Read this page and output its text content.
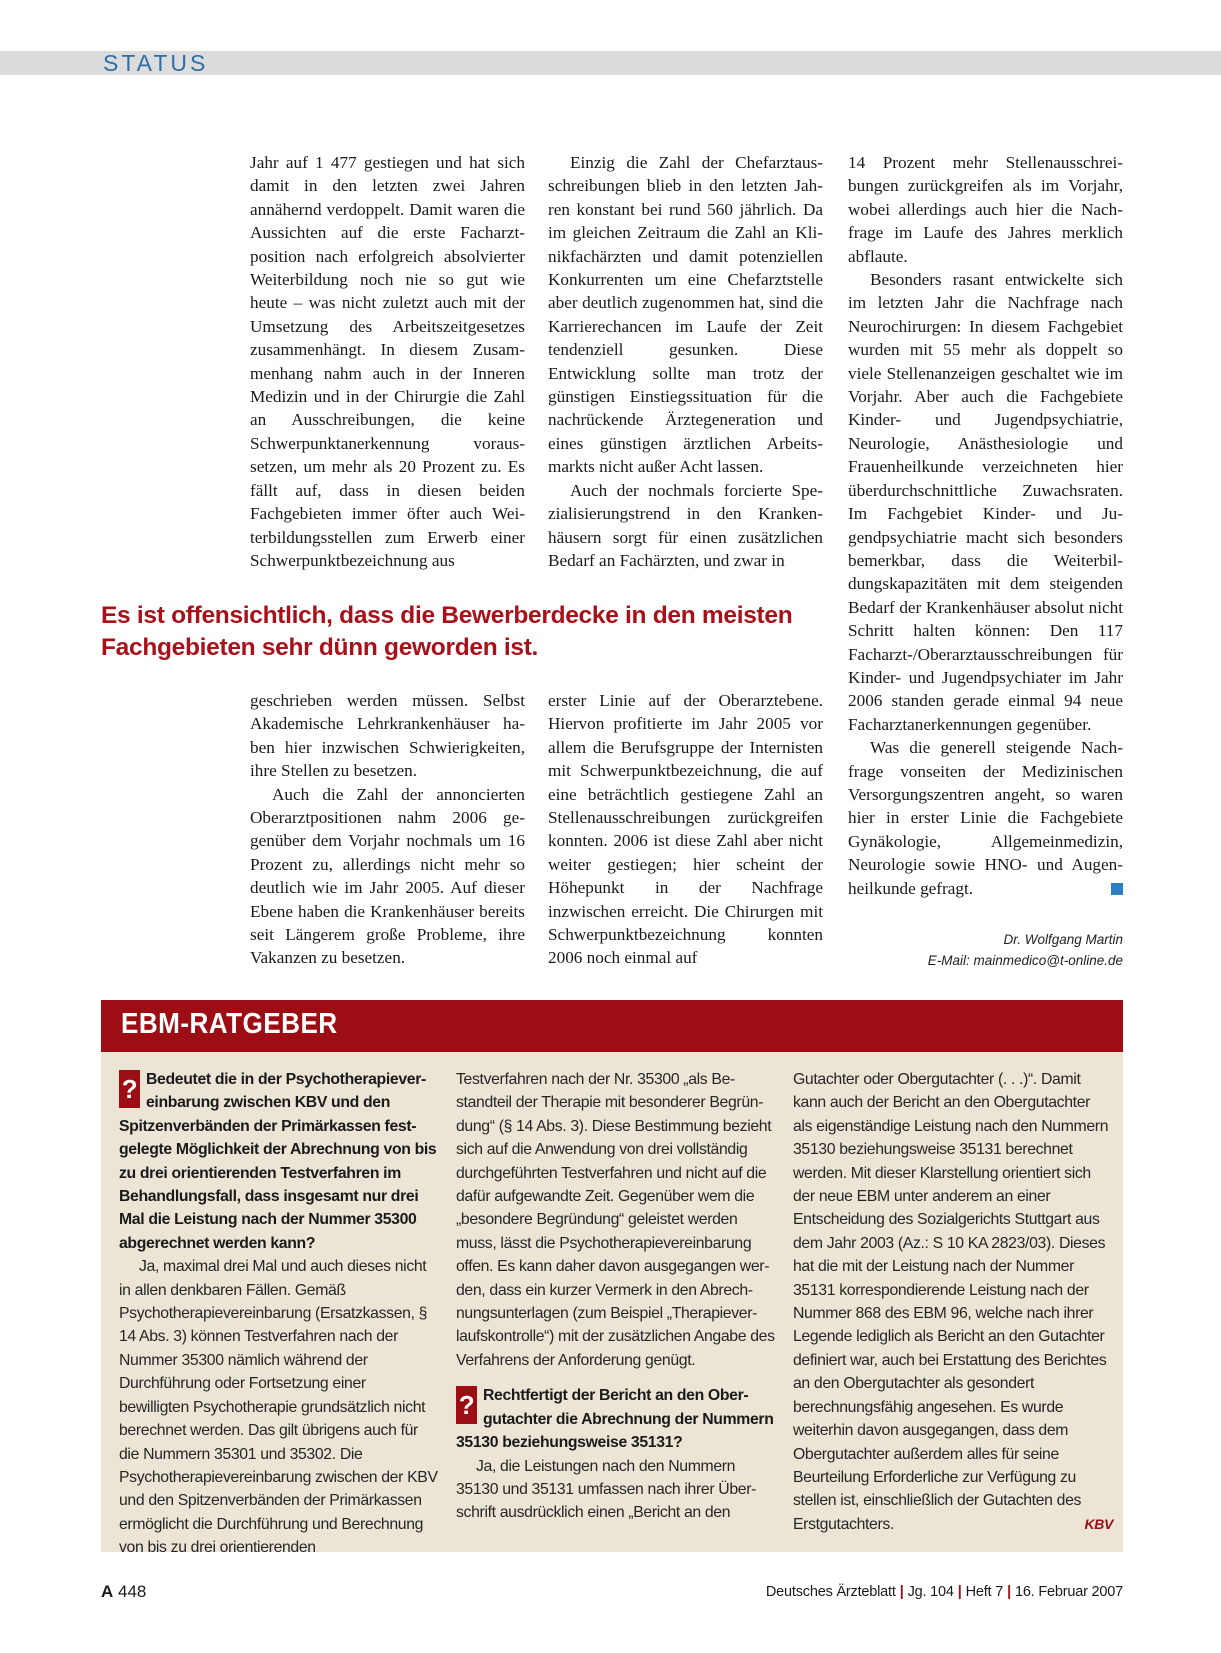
STATUS

Jahr auf 1 477 gestiegen und hat sich damit in den letzten zwei Jahren annähernd verdoppelt. Damit waren die Aussichten auf die erste Facharztposition nach erfolgreich absolvierter Weiterbildung noch nie so gut wie heute – was nicht zuletzt auch mit der Umsetzung des Arbeitszeitgesetzes zusammenhängt. In diesem Zusammenhang nahm auch in der Inneren Medizin und in der Chirurgie die Zahl an Ausschreibungen, die keine Schwerpunktanerkennung voraussetzen, um mehr als 20 Prozent zu. Es fällt auf, dass in diesen beiden Fachgebieten immer öfter auch Weiterbildungsstellen zum Erwerb einer Schwerpunktbezeichnung aus

Einzig die Zahl der Chefarztausschreibungen blieb in den letzten Jahren konstant bei rund 560 jährlich. Da im gleichen Zeitraum die Zahl an Klinikfachärzten und damit potenziellen Konkurrenten um eine Chefarztstelle aber deutlich zugenommen hat, sind die Karrierechancen im Laufe der Zeit tendenziell gesunken. Diese Entwicklung sollte man trotz der günstigen Einstiegssituation für die nachrückende Ärztegeneration und eines günstigen ärztlichen Arbeitsmarkts nicht außer Acht lassen.

Auch der nochmals forcierte Spezialisierungstrend in den Krankenhäusern sorgt für einen zusätzlichen Bedarf an Fachärzten, und zwar in

14 Prozent mehr Stellenausschreibungen zurückgreifen als im Vorjahr, wobei allerdings auch hier die Nachfrage im Laufe des Jahres merklich abflaute.

Besonders rasant entwickelte sich im letzten Jahr die Nachfrage nach Neurochirurgen: In diesem Fachgebiet wurden mit 55 mehr als doppelt so viele Stellenanzeigen geschaltet wie im Vorjahr. Aber auch die Fachgebiete Kinder- und Jugendpsychiatrie, Neurologie, Anästhesiologie und Frauenheilkunde verzeichneten hier überdurchschnittliche Zuwachsraten. Im Fachgebiet Kinder- und Jugendpsychiatrie macht sich besonders bemerkbar, dass die Weiterbildungskapazitäten mit dem steigenden Bedarf der Krankenhäuser absolut nicht Schritt halten können: Den 117 Facharzt-/Oberarztausschreibungen für Kinder- und Jugendpsychiater im Jahr 2006 standen gerade einmal 94 neue Facharztanerkennungen gegenüber.

Was die generell steigende Nachfrage vonseiten der Medizinischen Versorgungszentren angeht, so waren hier in erster Linie die Fachgebiete Gynäkologie, Allgemeinmedizin, Neurologie sowie HNO- und Augenheilkunde gefragt.

Es ist offensichtlich, dass die Bewerberdecke in den meisten Fachgebieten sehr dünn geworden ist.

geschrieben werden müssen. Selbst Akademische Lehrkrankenhäuser haben hier inzwischen Schwierigkeiten, ihre Stellen zu besetzen.

Auch die Zahl der annoncierten Oberarztpositionen nahm 2006 gegenüber dem Vorjahr nochmals um 16 Prozent zu, allerdings nicht mehr so deutlich wie im Jahr 2005. Auf dieser Ebene haben die Krankenhäuser bereits seit Längerem große Probleme, ihre Vakanzen zu besetzen.

erster Linie auf der Oberarztebene. Hiervon profitierte im Jahr 2005 vor allem die Berufsgruppe der Internisten mit Schwerpunktbezeichnung, die auf eine beträchtlich gestiegene Zahl an Stellenausschreibungen zurückgreifen konnten. 2006 ist diese Zahl aber nicht weiter gestiegen; hier scheint der Höhepunkt in der Nachfrage inzwischen erreicht. Die Chirurgen mit Schwerpunktbezeichnung konnten 2006 noch einmal auf

Dr. Wolfgang Martin
E-Mail: mainmedico@t-online.de
EBM-RATGEBER

? Bedeutet die in der Psychotherapievereinbarung zwischen KBV und den Spitzenverbänden der Primärkassen festgelegte Möglichkeit der Abrechnung von bis zu drei orientierenden Testverfahren im Behandlungsfall, dass insgesamt nur drei Mal die Leistung nach der Nummer 35300 abgerechnet werden kann?

Ja, maximal drei Mal und auch dieses nicht in allen denkbaren Fällen. Gemäß Psychotherapievereinbarung (Ersatzkassen, § 14 Abs. 3) können Testverfahren nach der Nummer 35300 nämlich während der Durchführung oder Fortsetzung einer bewilligten Psychotherapie grundsätzlich nicht berechnet werden. Das gilt übrigens auch für die Nummern 35301 und 35302. Die Psychotherapievereinbarung zwischen der KBV und den Spitzenverbänden der Primärkassen ermöglicht die Durchführung und Berechnung von bis zu drei orientierenden

Testverfahren nach der Nr. 35300 „als Bestandteil der Therapie mit besonderer Begründung“ (§ 14 Abs. 3). Diese Bestimmung bezieht sich auf die Anwendung von drei vollständig durchgeführten Testverfahren und nicht auf die dafür aufgewandte Zeit. Gegenüber wem die „besondere Begründung“ geleistet werden muss, lässt die Psychotherapievereinbarung offen. Es kann daher davon ausgegangen werden, dass ein kurzer Vermerk in den Abrechnungsunterlagen (zum Beispiel „Therapieverlaufskontrolle“) mit der zusätzlichen Angabe des Verfahrens der Anforderung genügt.

? Rechtfertigt der Bericht an den Obergutachter die Abrechnung der Nummern 35130 beziehungsweise 35131?

Ja, die Leistungen nach den Nummern 35130 und 35131 umfassen nach ihrer Überschrift ausdrücklich einen „Bericht an den

Gutachter oder Obergutachter (. . .)“. Damit kann auch der Bericht an den Obergutachter als eigenständige Leistung nach den Nummern 35130 beziehungsweise 35131 berechnet werden. Mit dieser Klarstellung orientiert sich der neue EBM unter anderem an einer Entscheidung des Sozialgerichts Stuttgart aus dem Jahr 2003 (Az.: S 10 KA 2823/03). Dieses hat die mit der Leistung nach der Nummer 35131 korrespondierende Leistung nach der Nummer 868 des EBM 96, welche nach ihrer Legende lediglich als Bericht an den Gutachter definiert war, auch bei Erstattung des Berichtes an den Obergutachter als gesondert berechnungsfähig angesehen. Es wurde weiterhin davon ausgegangen, dass dem Obergutachter außerdem alles für seine Beurteilung Erforderliche zur Verfügung zu stellen ist, einschließlich der Gutachten des Erstgutachters.	KBV

A 448	Deutsches Ärzteblatt | Jg. 104 | Heft 7 | 16. Februar 2007
